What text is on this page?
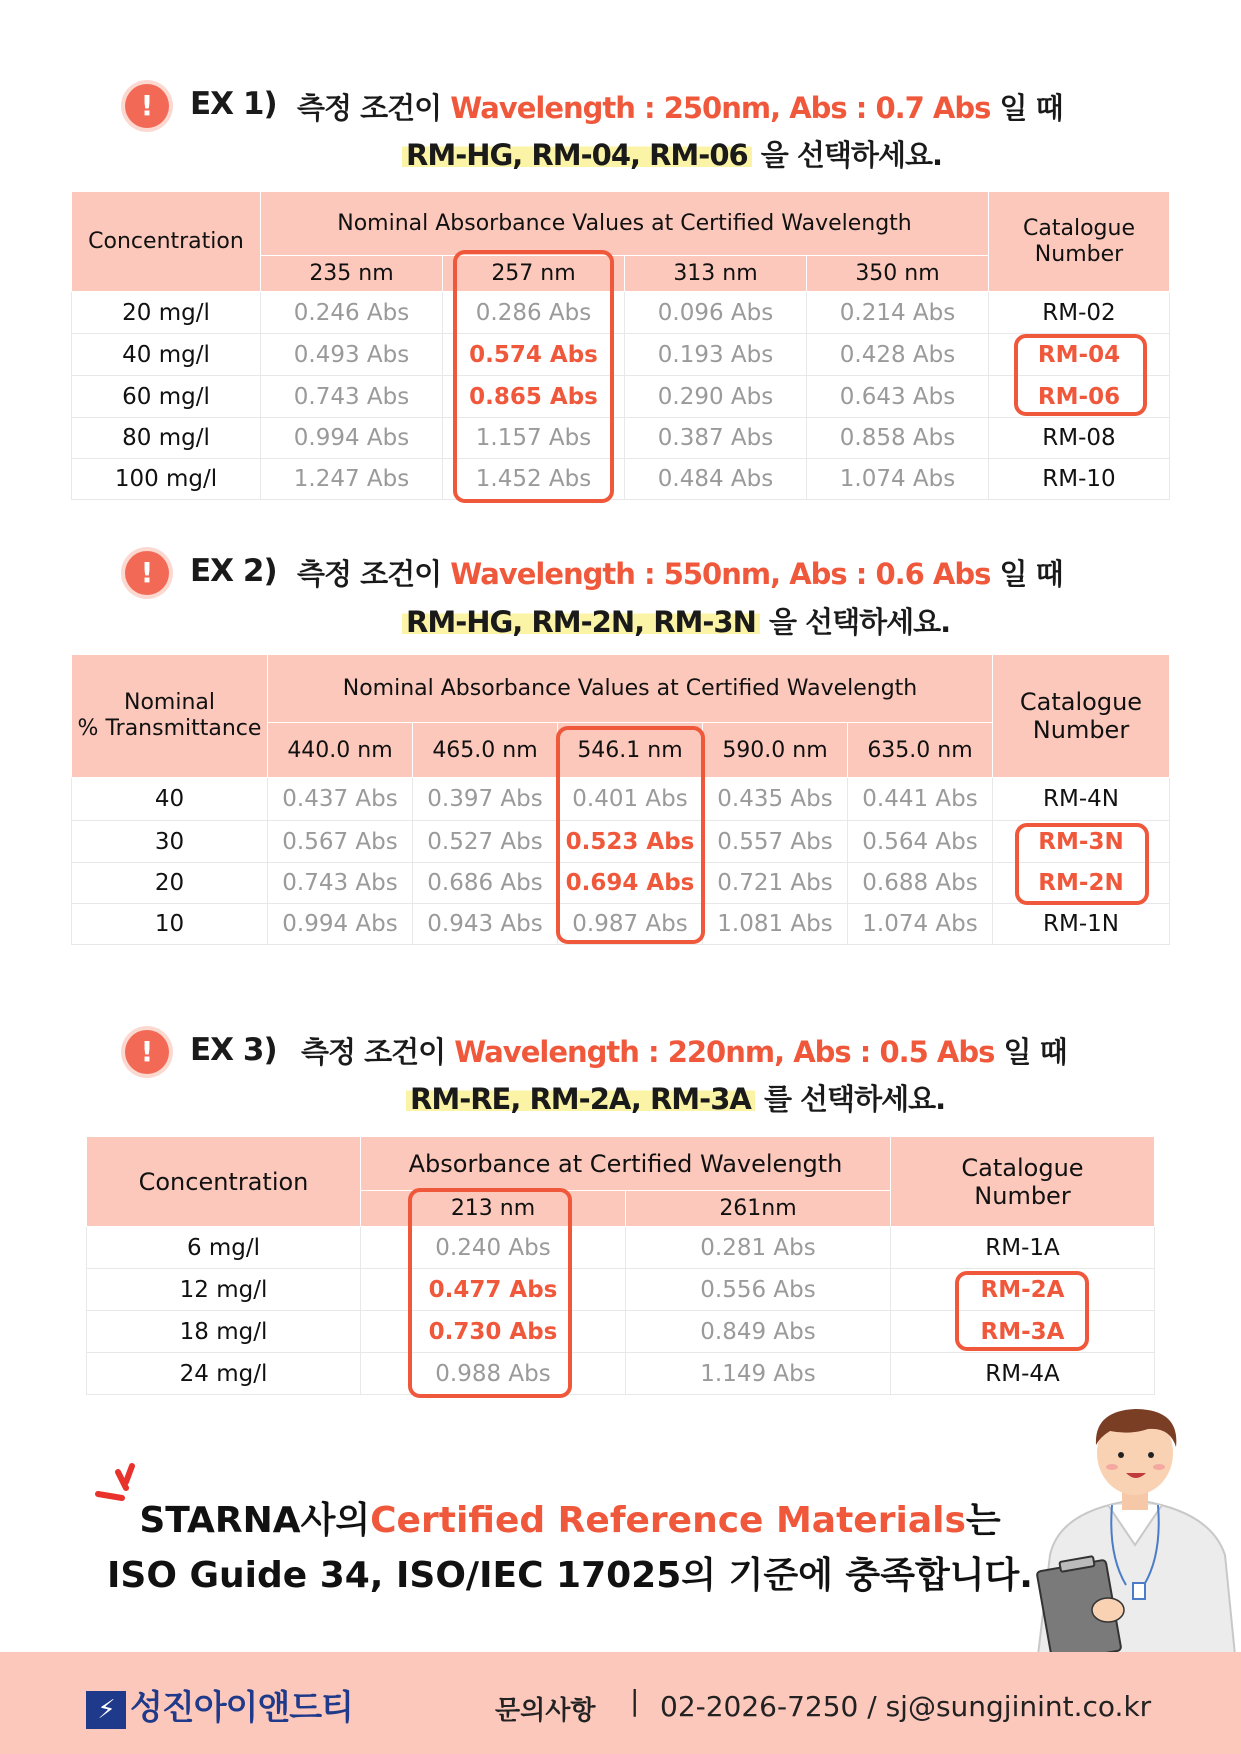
!
EX 1) 측정 조건이 Wavelength : 250nm, Abs : 0.7 Abs 일 때
RM-HG, RM-04, RM-06 을 선택하세요.
Concentration	Nominal Absorbance Values at Certified Wavelength				Catalogue Number
	235 nm	257 nm	313 nm	350 nm	
20 mg/l	0.246 Abs	0.286 Abs	0.096 Abs	0.214 Abs	RM-02
40 mg/l	0.493 Abs	0.574 Abs	0.193 Abs	0.428 Abs	RM-04
60 mg/l	0.743 Abs	0.865 Abs	0.290 Abs	0.643 Abs	RM-06
80 mg/l	0.994 Abs	1.157 Abs	0.387 Abs	0.858 Abs	RM-08
100 mg/l	1.247 Abs	1.452 Abs	0.484 Abs	1.074 Abs	RM-10
!
EX 2) 측정 조건이 Wavelength : 550nm, Abs : 0.6 Abs 일 때
RM-HG, RM-2N, RM-3N 을 선택하세요.
Nominal
% Transmittance	Nominal Absorbance Values at Certified Wavelength					Catalogue Number
	440.0 nm	465.0 nm	546.1 nm	590.0 nm	635.0 nm	
40	0.437 Abs	0.397 Abs	0.401 Abs	0.435 Abs	0.441 Abs	RM-4N
30	0.567 Abs	0.527 Abs	0.523 Abs	0.557 Abs	0.564 Abs	RM-3N
20	0.743 Abs	0.686 Abs	0.694 Abs	0.721 Abs	0.688 Abs	RM-2N
10	0.994 Abs	0.943 Abs	0.987 Abs	1.081 Abs	1.074 Abs	RM-1N
!
EX 3) 측정 조건이 Wavelength : 220nm, Abs : 0.5 Abs 일 때
RM-RE, RM-2A, RM-3A 를 선택하세요.
Concentration	Absorbance at Certified Wavelength		Catalogue Number
	213 nm	261nm	
6 mg/l	0.240 Abs	0.281 Abs	RM-1A
12 mg/l	0.477 Abs	0.556 Abs	RM-2A
18 mg/l	0.730 Abs	0.849 Abs	RM-3A
24 mg/l	0.988 Abs	1.149 Abs	RM-4A
STARNA사의Certified Reference Materials는
ISO Guide 34, ISO/IEC 17025의 기준에 충족합니다.
⚡ 성진아이앤드티	문의사항 | 02-2026-7250 / sj@sungjinint.co.kr
